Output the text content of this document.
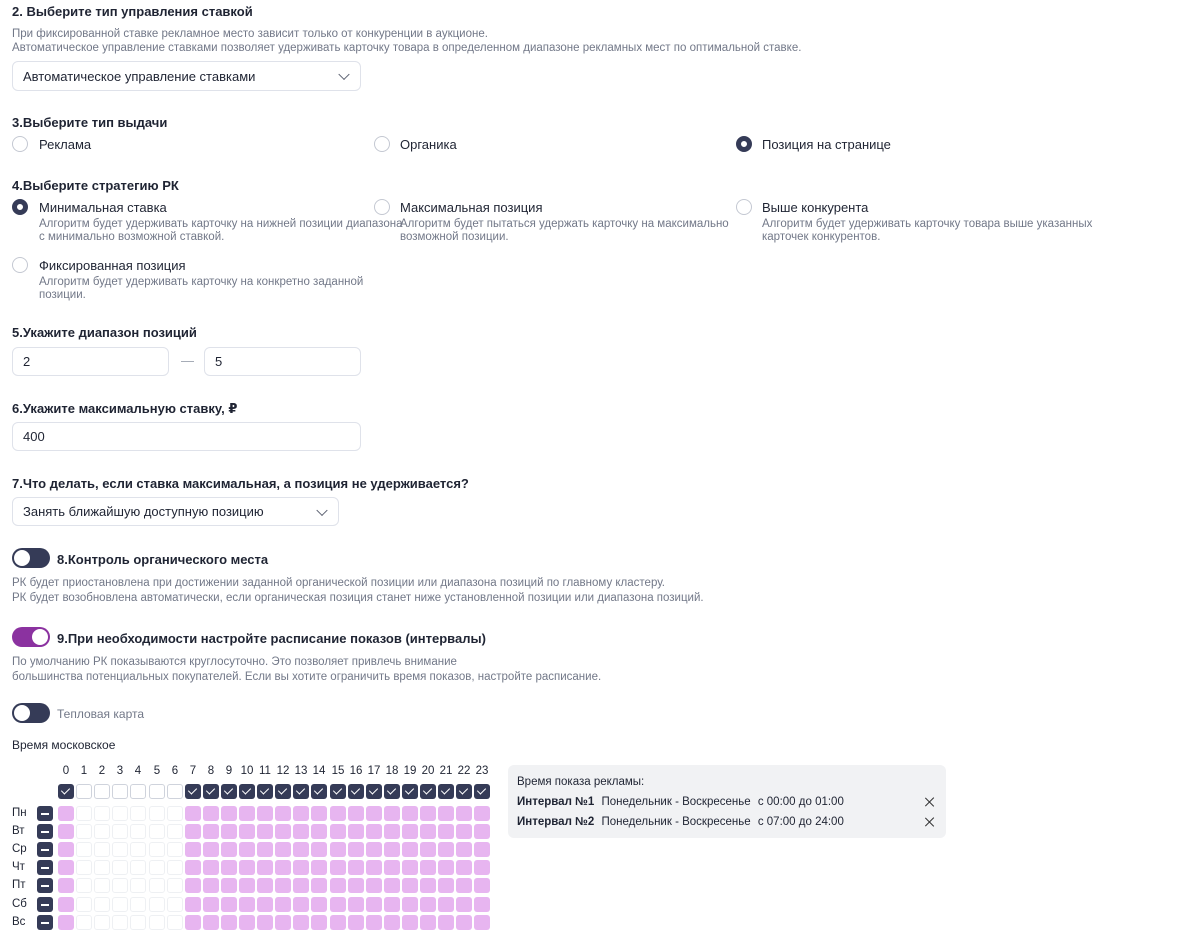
2. Выберите тип управления ставкой
При фиксированной ставке рекламное место зависит только от конкуренции в аукционе.
Автоматическое управление ставками позволяет удерживать карточку товара в определенном диапазоне рекламных мест по оптимальной ставке.
Автоматическое управление ставками
3.Выберите тип выдачи
Реклама	Органика	Позиция на странице
4.Выберите стратегию РК
Минимальная ставка
Алгоритм будет удерживать карточку на нижней позиции диапазона
с минимально возможной ставкой.
Максимальная позиция
Алгоритм будет пытаться удержать карточку на максимально
возможной позиции.
Выше конкурента
Алгоритм будет удерживать карточку товара выше указанных
карточек конкурентов.
Фиксированная позиция
Алгоритм будет удерживать карточку на конкретно заданной
позиции.
5.Укажите диапазон позиций
2	— 5
6.Укажите максимальную ставку, ₽
400
7.Что делать, если ставка максимальная, а позиция не удерживается?
Занять ближайшую доступную позицию
8.Контроль органического места
РК будет приостановлена при достижении заданной органической позиции или диапазона позиций по главному кластеру.
РК будет возобновлена автоматически, если органическая позиция станет ниже установленной позиции или диапазона позиций.
9.При необходимости настройте расписание показов (интервалы)
По умолчанию РК показываются круглосуточно. Это позволяет привлечь внимание
большинства потенциальных покупателей. Если вы хотите ограничить время показов, настройте расписание.
Тепловая карта
Время московское
0	1	2	3	4	5	6	7	8	9 10 11 12 13 14 15 16 17 18 19 20 21 22 23
Пн
Вт
Ср
Чт
Пт
Сб
Вс
Время показа рекламы:
Интервал №1 Понедельник - Воскресенье с 00:00 до 01:00
Интервал №2 Понедельник - Воскресенье с 07:00 до 24:00
